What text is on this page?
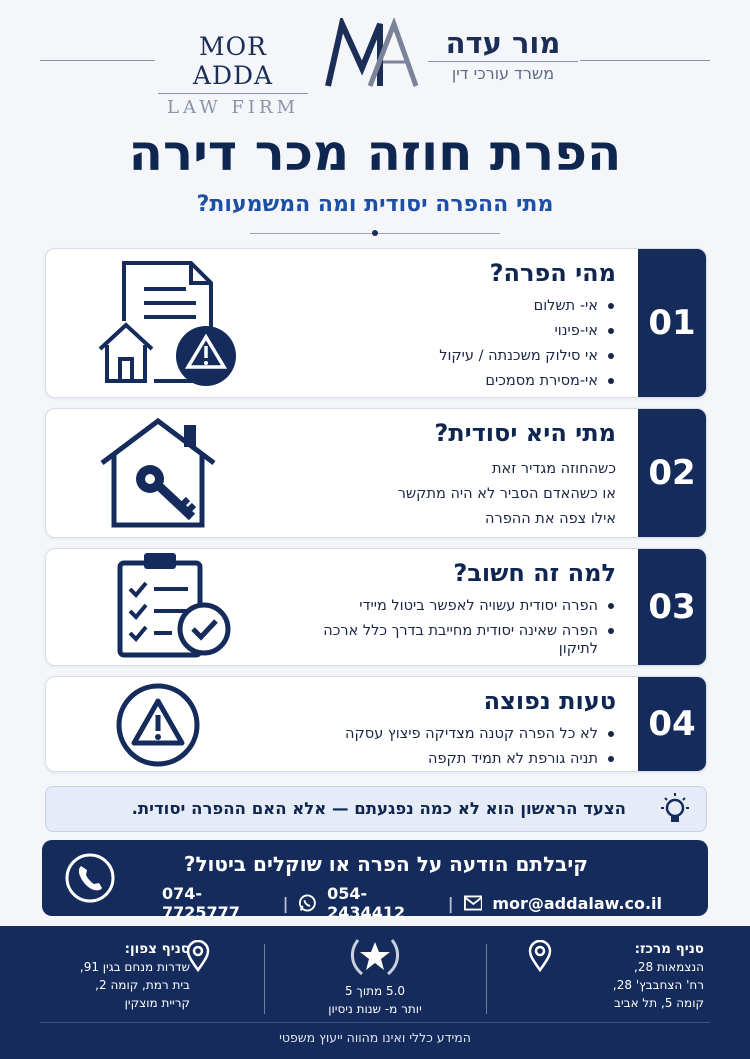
MOR ADDA
LAW FIRM
מור עדה
משרד עורכי דין
הפרת חוזה מכר דירה
מתי ההפרה יסודית ומה המשמעות?
01
מהי הפרה?
אי- תשלום
אי-פינוי
אי סילוק משכנתה / עיקול
אי-מסירת מסמכים
02
מתי היא יסודית?

כשהחוזה מגדיר זאת

או כשהאדם הסביר לא היה מתקשר

אילו צפה את ההפרה

03
למה זה חשוב?
הפרה יסודית עשויה לאפשר ביטול מיידי
הפרה שאינה יסודית מחייבת בדרך כלל ארכה לתיקון
04
טעות נפוצה
לא כל הפרה קטנה מצדיקה פיצוץ עסקה
תניה גורפת לא תמיד תקפה
הצעד הראשון הוא לא כמה נפגעתם — אלא האם ההפרה יסודית.
קיבלתם הודעה על הפרה או שוקלים ביטול?
074-7725777	| 054-2434412	| mor@addalaw.co.il
סניף צפון:
שדרות מנחם בגין 91,
בית רמת, קומה 2,
קריית מוצקין
5.0 מתוך 5
יותר מ- שנות ניסיון
סניף מרכז:
הנצמאות 28,
רח' הצחבבץ' 28,
קומה 5, תל אביב
המידע כללי ואינו מהווה ייעוץ משפטי
